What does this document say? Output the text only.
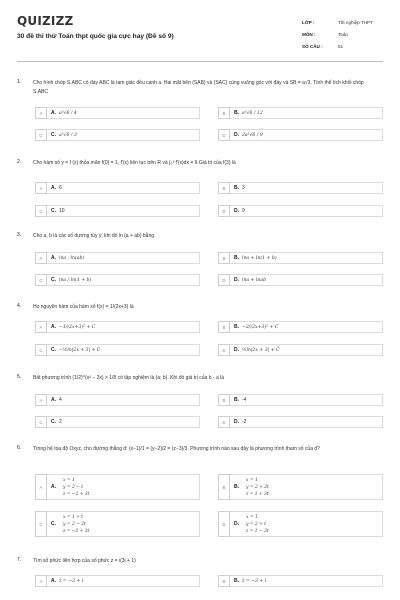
QUIZIZZ
30 đề thi thử Toán thpt quốc gia cực hay (Đề số 9)
LỚP :	Tốt nghiệp THPT
MÔN :	Toán
SỐ CÂU :	51
1. Cho hình chóp S.ABC có đáy ABC là tam giác đều cạnh a. Hai mặt bên (SAB) và (SAC) cùng vuông góc với đáy và SB = a√3. Tính thể tích khối chóp S.ABC
A	A. a³√6 / 4	B	B. a³√6 / 12
C	C. a³√6 / 3	D	D. 2a³√6 / 9
2. Cho hàm số y = f (x) thỏa mãn f(0) = 1, f'(x) liên tục trên R và ∫₀³ f'(x)dx = 9.Giá trị của f(3) là
A	A. 6	B	B. 3
C	C. 10	D	D. 9
3. Cho a, b là các số dương tùy ý, khi đó ln (a + ab) bằng
A	A. lna . ln(ab)	B	B. lna + ln(1 + b)
C	C. lna / ln(1 + b)	D	D. lna + lnab
4. Họ nguyên hàm của hàm số f(x) = 1/(2x+3) là
A	A. −1/(2x+3)² + C	B	B. −2/(2x+3)² + C
C	C. −½ln|2x + 3| + C	D	D. ½ln|2x + 3| + C
5. Bất phương trình (1/2)^(x² − 2x) > 1/8 có tập nghiệm là (a; b). Khi đó giá trị của b - a là
A	A. 4	B	B. -4
C	C. 2	D	D. -2
6. Trong hệ tọa độ Oxyz, cho đường thẳng d: (x−1)/1 = (y−2)/2 = (z−3)/3. Phương trình nào sau đây là phương trình tham số của d?
A	A.
x = 1
y = 2 − t
z = −2 + 3t
B	B.
x = 1
y = 2 + 2t
z = 1 + 3t
C	C.
x = 1 + t
y = 2 − 2t
z = −2 + 3t
D	D.
x = 1
y = 2 + t
z = 1 − 3t
7. Tìm số phức liên hợp của số phức z = i(3i + 1)
A	A. z̄ = −3 + i	B	B. z̄ = −3 + i
